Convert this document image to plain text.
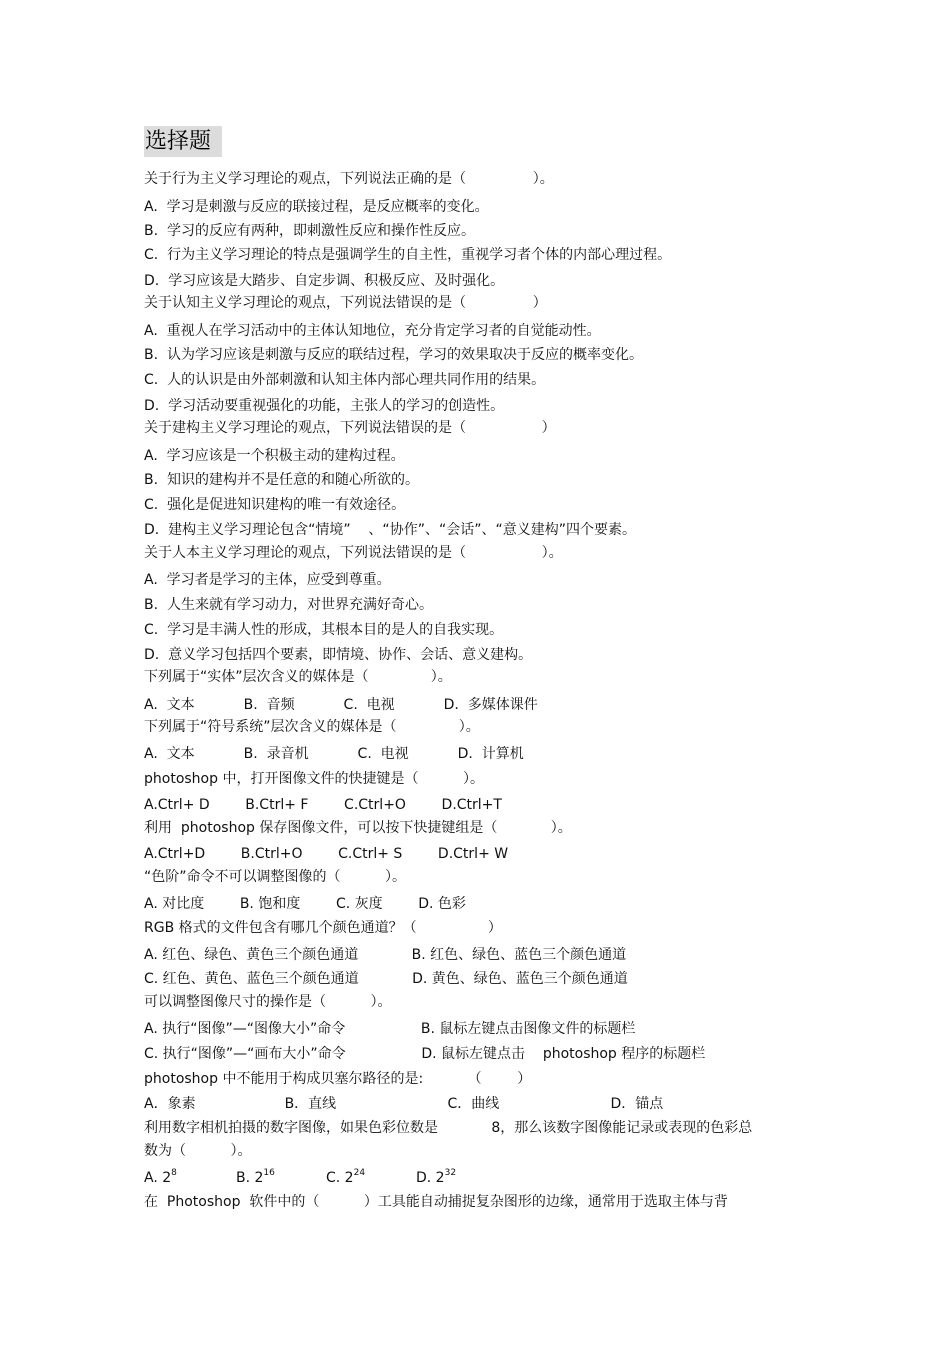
选择题
关于行为主义学习理论的观点，下列说法正确的是（               ）。
A.  学习是刺激与反应的联接过程，是反应概率的变化。
B.  学习的反应有两种，即刺激性反应和操作性反应。
C.  行为主义学习理论的特点是强调学生的自主性，重视学习者个体的内部心理过程。
D.  学习应该是大踏步、自定步调、积极反应、及时强化。
关于认知主义学习理论的观点，下列说法错误的是（               ）
A.  重视人在学习活动中的主体认知地位，充分肯定学习者的自觉能动性。
B.  认为学习应该是刺激与反应的联结过程，学习的效果取决于反应的概率变化。
C.  人的认识是由外部刺激和认知主体内部心理共同作用的结果。
D.  学习活动要重视强化的功能，主张人的学习的创造性。
关于建构主义学习理论的观点，下列说法错误的是（                 ）
A.  学习应该是一个积极主动的建构过程。
B.  知识的建构并不是任意的和随心所欲的。
C.  强化是促进知识建构的唯一有效途径。
D.  建构主义学习理论包含“情境”    、“协作”、“会话”、“意义建构”四个要素。
关于人本主义学习理论的观点，下列说法错误的是（                 ）。
A.  学习者是学习的主体，应受到尊重。
B.  人生来就有学习动力，对世界充满好奇心。
C.  学习是丰满人性的形成，其根本目的是人的自我实现。
D.  意义学习包括四个要素，即情境、协作、会话、意义建构。
下列属于“实体”层次含义的媒体是（              ）。
A.  文本           B.  音频           C.  电视           D.  多媒体课件
下列属于“符号系统”层次含义的媒体是（              ）。
A.  文本           B.  录音机           C.  电视           D.  计算机
photoshop 中，打开图像文件的快捷键是（          ）。
A.Ctrl+ D        B.Ctrl+ F        C.Ctrl+O        D.Ctrl+T
利用  photoshop 保存图像文件，可以按下快捷键组是（            ）。
A.Ctrl+D        B.Ctrl+O        C.Ctrl+ S        D.Ctrl+ W
“色阶”命令不可以调整图像的（          ）。
A. 对比度        B. 饱和度        C. 灰度        D. 色彩
RGB 格式的文件包含有哪几个颜色通道？（                ）
A. 红色、绿色、黄色三个颜色通道            B. 红色、绿色、蓝色三个颜色通道
C. 红色、黄色、蓝色三个颜色通道            D. 黄色、绿色、蓝色三个颜色通道
可以调整图像尺寸的操作是（          ）。
A. 执行“图像”—“图像大小”命令                 B. 鼠标左键点击图像文件的标题栏
C. 执行“图像”—“画布大小”命令                 D. 鼠标左键点击    photoshop 程序的标题栏
photoshop 中不能用于构成贝塞尔路径的是:          （        ）
A．象素                    B．直线                         C．曲线                         D．锚点
利用数字相机拍摄的数字图像，如果色彩位数是            8，那么该数字图像能记录或表现的色彩总
数为（          ）。
A. $2^8$	B. $2^{16}$	C. $2^{24}$	D. $2^{32}$
在  Photoshop  软件中的（          ）工具能自动捕捉复杂图形的边缘，通常用于选取主体与背
